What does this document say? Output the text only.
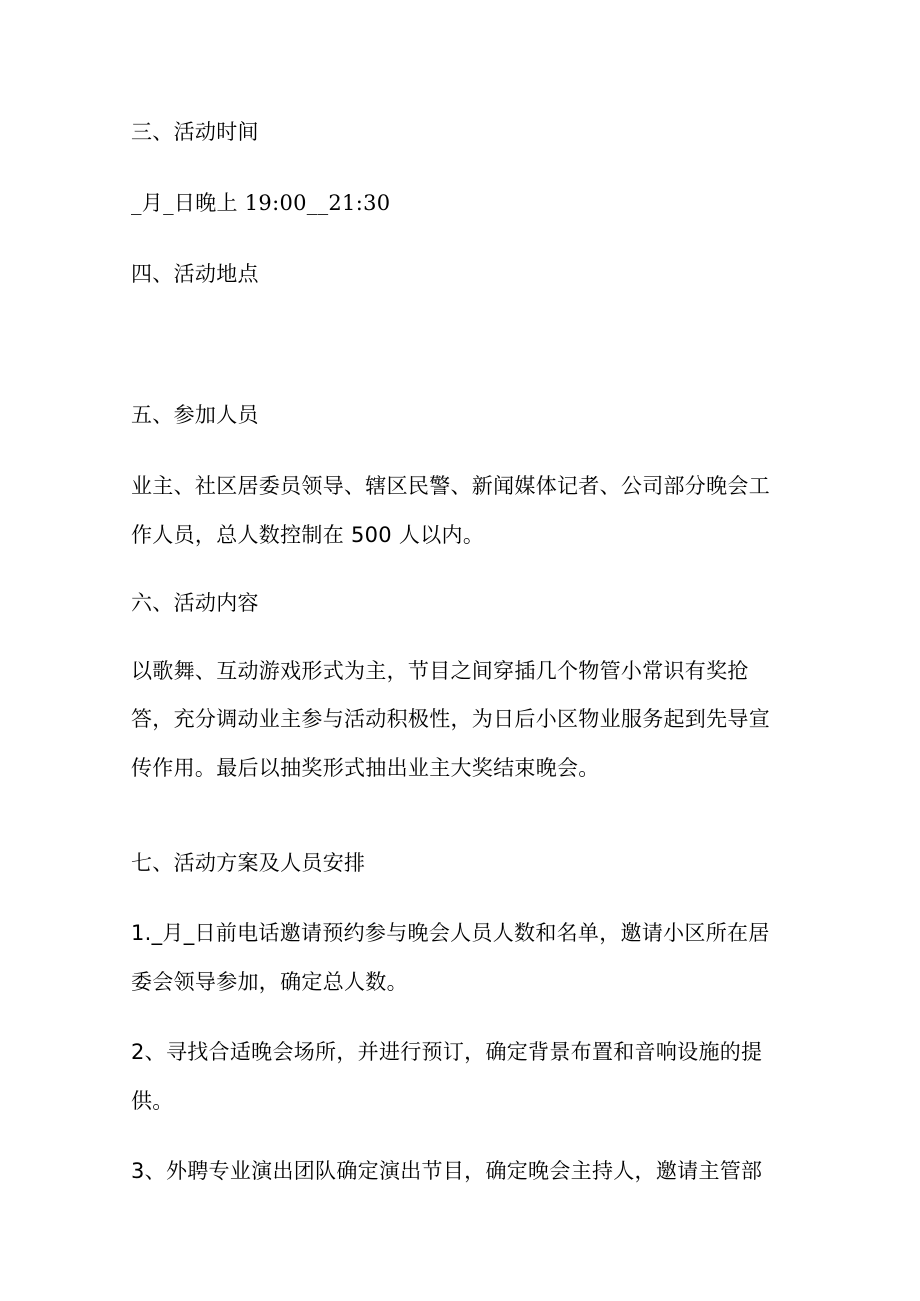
三、活动时间
_月_日晚上 19:00__21:30
四、活动地点
五、参加人员
业主、社区居委员领导、辖区民警、新闻媒体记者、公司部分晚会工
作人员，总人数控制在 500 人以内。
六、活动内容
以歌舞、互动游戏形式为主，节目之间穿插几个物管小常识有奖抢
答，充分调动业主参与活动积极性，为日后小区物业服务起到先导宣
传作用。最后以抽奖形式抽出业主大奖结束晚会。
七、活动方案及人员安排
1._月_日前电话邀请预约参与晚会人员人数和名单，邀请小区所在居
委会领导参加，确定总人数。
2、寻找合适晚会场所，并进行预订，确定背景布置和音响设施的提
供。
3、外聘专业演出团队确定演出节目，确定晚会主持人，邀请主管部
